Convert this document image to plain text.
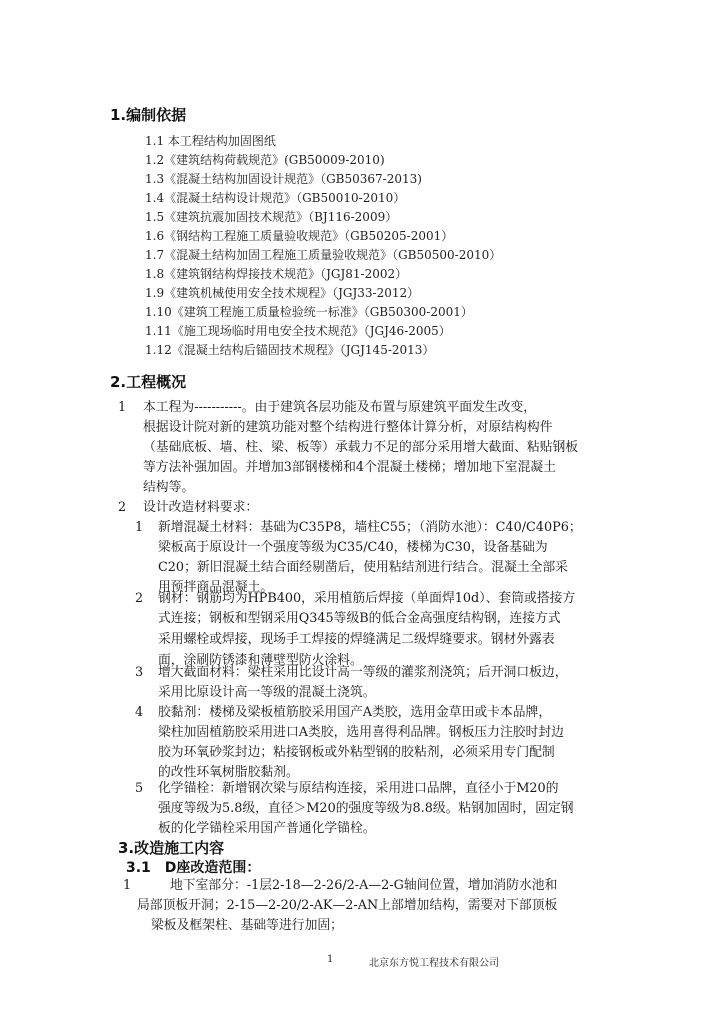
1.编制依据
1.1 本工程结构加固图纸
1.2《建筑结构荷载规范》(GB50009-2010)
1.3《混凝土结构加固设计规范》（GB50367-2013)
1.4《混凝土结构设计规范》（GB50010-2010）
1.5《建筑抗震加固技术规范》（BJ116-2009）
1.6《钢结构工程施工质量验收规范》（GB50205-2001）
1.7《混凝土结构加固工程施工质量验收规范》（GB50500-2010）
1.8《建筑钢结构焊接技术规范》（JGJ81-2002）
1.9《建筑机械使用安全技术规程》（JGJ33-2012）
1.10《建筑工程施工质量检验统一标准》（GB50300-2001）
1.11《施工现场临时用电安全技术规范》（JGJ46-2005）
1.12《混凝土结构后锚固技术规程》（JGJ145-2013）
2.工程概况
1 本工程为-----------。由于建筑各层功能及布置与原建筑平面发生改变，
根据设计院对新的建筑功能对整个结构进行整体计算分析，对原结构构件
（基础底板、墙、柱、梁、板等）承载力不足的部分采用增大截面、粘贴钢板
等方法补强加固。并增加3部钢楼梯和4个混凝土楼梯；增加地下室混凝土
结构等。
2 设计改造材料要求：
1 新增混凝土材料：基础为C35P8，墙柱C55；（消防水池）：C40/C40P6；
梁板高于原设计一个强度等级为C35/C40，楼梯为C30，设备基础为
C20；新旧混凝土结合面经剔凿后，使用粘结剂进行结合。混凝土全部采
用预拌商品混凝土。
2 钢材：钢筋均为HPB400，采用植筋后焊接（单面焊10d）、套筒或搭接方
式连接；钢板和型钢采用Q345等级B的低合金高强度结构钢，连接方式
采用螺栓或焊接，现场手工焊接的焊缝满足二级焊缝要求。钢材外露表
面，涂刷防锈漆和薄壁型防火涂料。
3 增大截面材料：梁柱采用比设计高一等级的灌浆剂浇筑；后开洞口板边，
采用比原设计高一等级的混凝土浇筑。
4 胶黏剂：楼梯及梁板植筋胶采用国产A类胶，选用金草田或卡本品牌，
梁柱加固植筋胶采用进口A类胶，选用喜得利品牌。钢板压力注胶时封边
胶为环氧砂浆封边；粘接钢板或外粘型钢的胶粘剂，必须采用专门配制
的改性环氧树脂胶黏剂。
5 化学锚栓：新增钢次梁与原结构连接，采用进口品牌，直径小于M20的
强度等级为5.8级，直径＞M20的强度等级为8.8级。粘钢加固时，固定钢
板的化学锚栓采用国产普通化学锚栓。
3.改造施工内容
3.1　D座改造范围：
1	地下室部分：-1层2-18—2-26/2-A—2-G轴间位置，增加消防水池和
局部顶板开洞；2-15—2-20/2-AK—2-AN上部增加结构，需要对下部顶板
梁板及框架柱、基础等进行加固；
1	北京东方悦工程技术有限公司
